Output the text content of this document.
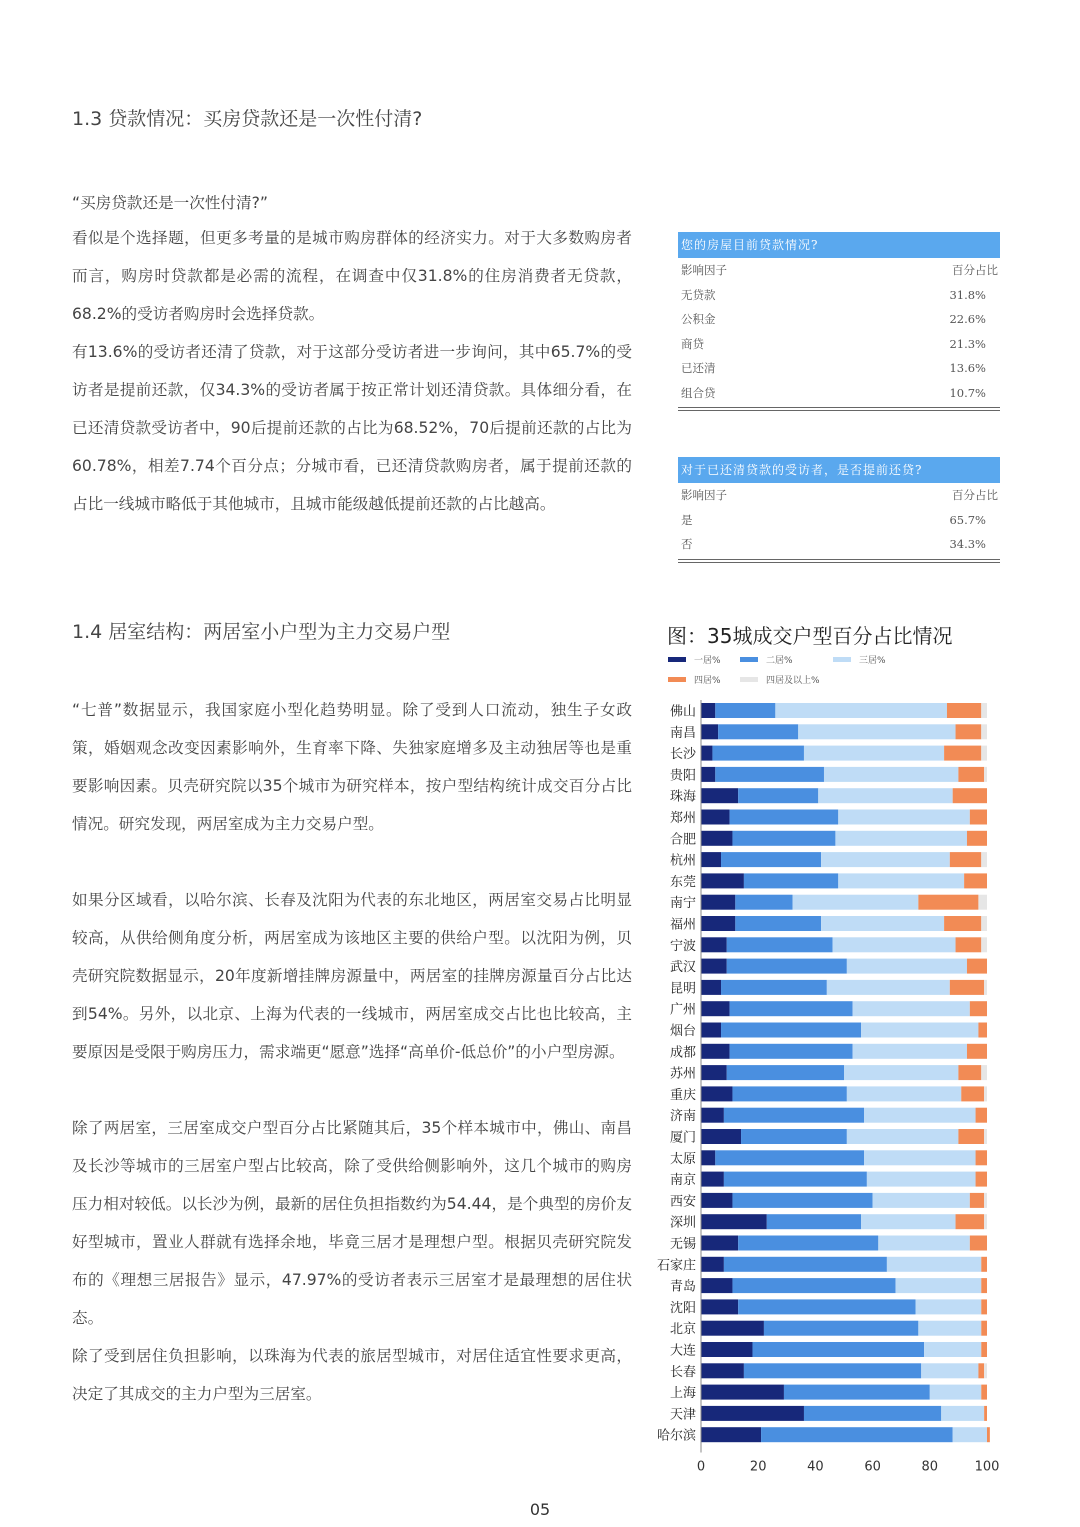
1.3 贷款情况：买房贷款还是一次性付清?

“买房贷款还是一次性付清?”

看似是个选择题，但更多考量的是城市购房群体的经济实力。对于大多数购房者而言，购房时贷款都是必需的流程，在调查中仅31.8%的住房消费者无贷款，68.2%的受访者购房时会选择贷款。

有13.6%的受访者还清了贷款，对于这部分受访者进一步询问，其中65.7%的受访者是提前还款，仅34.3%的受访者属于按正常计划还清贷款。具体细分看，在已还清贷款受访者中，90后提前还款的占比为68.52%，70后提前还款的占比为60.78%，相差7.74个百分点；分城市看，已还清贷款购房者，属于提前还款的占比一线城市略低于其他城市，且城市能级越低提前还款的占比越高。

您的房屋目前贷款情况?
影响因子	百分占比
无贷款	31.8%
公积金	22.6%
商贷	21.3%
已还清	13.6%
组合贷	10.7%
对于已还清贷款的受访者，是否提前还贷?
影响因子	百分占比
是	65.7%
否	34.3%
1.4 居室结构：两居室小户型为主力交易户型

“七普”数据显示，我国家庭小型化趋势明显。除了受到人口流动，独生子女政策，婚姻观念改变因素影响外，生育率下降、失独家庭增多及主动独居等也是重要影响因素。贝壳研究院以35个城市为研究样本，按户型结构统计成交百分占比情况。研究发现，两居室成为主力交易户型。

如果分区域看，以哈尔滨、长春及沈阳为代表的东北地区，两居室交易占比明显较高，从供给侧角度分析，两居室成为该地区主要的供给户型。以沈阳为例，贝壳研究院数据显示，20年度新增挂牌房源量中，两居室的挂牌房源量百分占比达到54%。另外，以北京、上海为代表的一线城市，两居室成交占比也比较高，主要原因是受限于购房压力，需求端更“愿意”选择“高单价-低总价”的小户型房源。

除了两居室，三居室成交户型百分占比紧随其后，35个样本城市中，佛山、南昌及长沙等城市的三居室户型占比较高，除了受供给侧影响外，这几个城市的购房压力相对较低。以长沙为例，最新的居住负担指数约为54.44，是个典型的房价友好型城市，置业人群就有选择余地，毕竟三居才是理想户型。根据贝壳研究院发布的《理想三居报告》显示，47.97%的受访者表示三居室才是最理想的居住状态。

除了受到居住负担影响，以珠海为代表的旅居型城市，对居住适宜性要求更高，决定了其成交的主力户型为三居室。

图：35城成交户型百分占比情况
一居%	二居%	三居%
四居%	四居及以上%
佛山
南昌
长沙
贵阳
珠海
郑州
合肥
杭州
东莞
南宁
福州
宁波
武汉
昆明
广州
烟台
成都
苏州
重庆
济南
厦门
太原
南京
西安
深圳
无锡
石家庄
青岛
沈阳
北京
大连
长春
上海
天津
哈尔滨
0	20	40	60	80	100
05
